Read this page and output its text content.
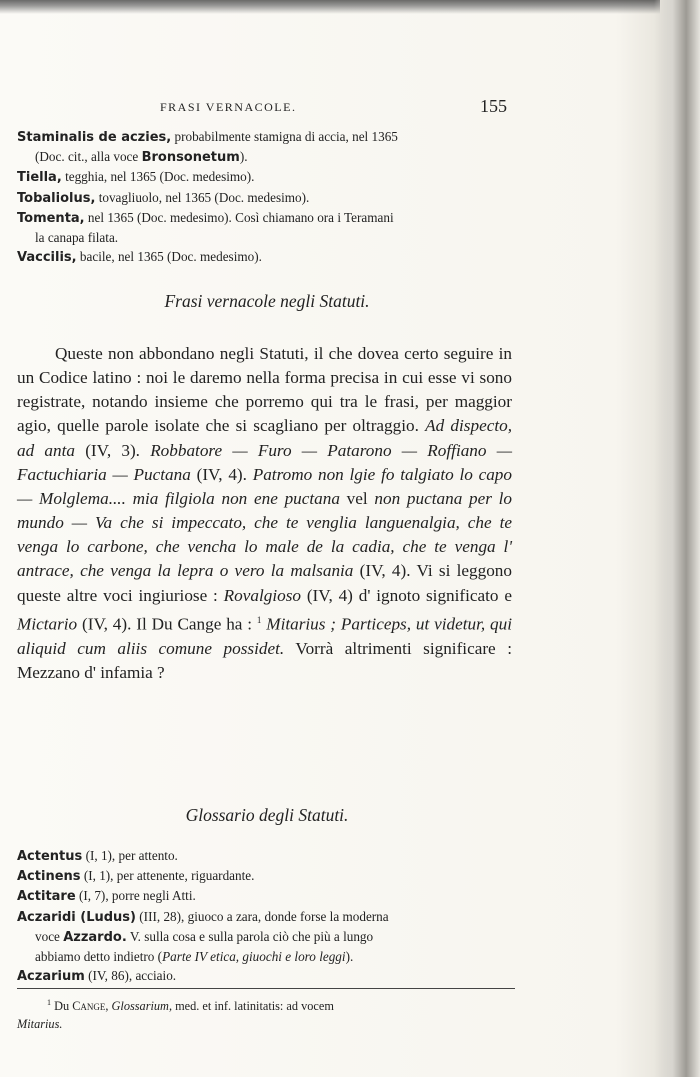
FRASI VERNACOLE.	155

Staminalis de aczies, probabilmente stamigna di accia, nel 1365

(Doc. cit., alla voce Bronsonetum).

Tiella, tegghia, nel 1365 (Doc. medesimo).

Tobaliolus, tovagliuolo, nel 1365 (Doc. medesimo).

Tomenta, nel 1365 (Doc. medesimo). Così chiamano ora i Teramani

la canapa filata.

Vaccilis, bacile, nel 1365 (Doc. medesimo).

Frasi vernacole negli Statuti.

Queste non abbondano negli Statuti, il che dovea certo seguire in un Codice latino : noi le daremo nella forma precisa in cui esse vi sono registrate, notando insieme che porremo qui tra le frasi, per maggior agio, quelle parole isolate che si scagliano per oltraggio. Ad dispecto, ad anta (IV, 3). Robbatore — Furo — Patarono — Roffiano — Factuchiaria — Puctana (IV, 4). Patromo non lgie fo talgiato lo capo — Molglema.... mia filgiola non ene puctana vel non puctana per lo mundo — Va che si impeccato, che te venglia languenalgia, che te venga lo carbone, che vencha lo male de la cadia, che te venga l' antrace, che venga la lepra o vero la malsania (IV, 4). Vi si leggono queste altre voci ingiuriose : Rovalgioso (IV, 4) d' ignoto significato e Mictario (IV, 4). Il Du Cange ha : $^1$ Mitarius ; Particeps, ut videtur, qui aliquid cum aliis comune possidet. Vorrà altrimenti significare : Mezzano d' infamia ?

Glossario degli Statuti.

Actentus (I, 1), per attento.

Actinens (I, 1), per attenente, riguardante.

Actitare (I, 7), porre negli Atti.

Aczaridi (Ludus) (III, 28), giuoco a zara, donde forse la moderna

voce Azzardo. V. sulla cosa e sulla parola ciò che più a lungo

abbiamo detto indietro (Parte IV etica, giuochi e loro leggi).

Aczarium (IV, 86), acciaio.

$^1$ Du Cange, Glossarium, med. et inf. latinitatis: ad vocem

Mitarius.
